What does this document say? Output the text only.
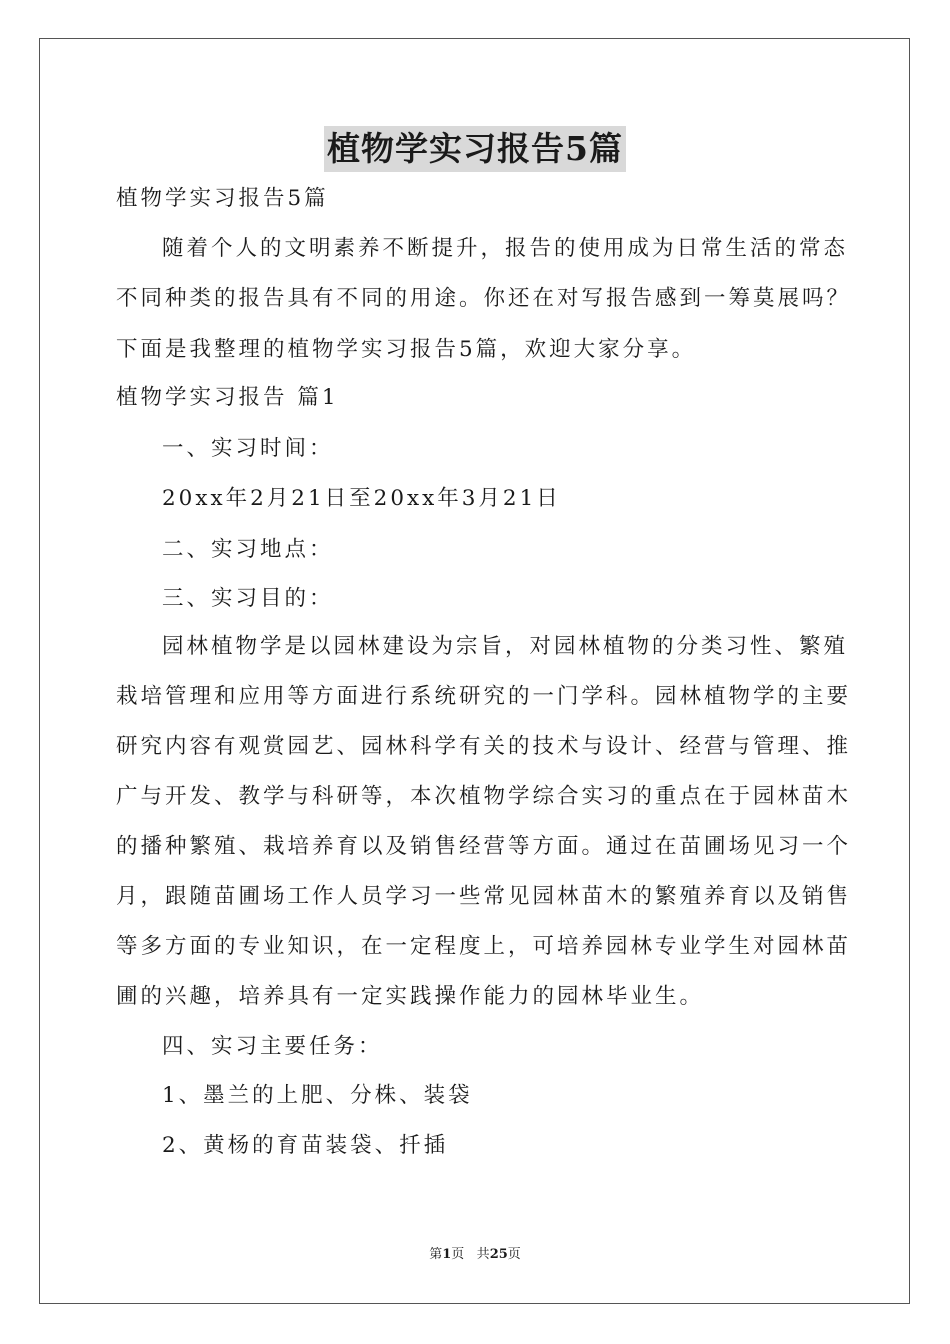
植物学实习报告5篇
植物学实习报告5篇
随着个人的文明素养不断提升，报告的使用成为日常生活的常态
不同种类的报告具有不同的用途。你还在对写报告感到一筹莫展吗？
下面是我整理的植物学实习报告5篇，欢迎大家分享。
植物学实习报告 篇1
一、实习时间：
20xx年2月21日至20xx年3月21日
二、实习地点：
三、实习目的：
园林植物学是以园林建设为宗旨，对园林植物的分类习性、繁殖
栽培管理和应用等方面进行系统研究的一门学科。园林植物学的主要
研究内容有观赏园艺、园林科学有关的技术与设计、经营与管理、推
广与开发、教学与科研等，本次植物学综合实习的重点在于园林苗木
的播种繁殖、栽培养育以及销售经营等方面。通过在苗圃场见习一个
月，跟随苗圃场工作人员学习一些常见园林苗木的繁殖养育以及销售
等多方面的专业知识，在一定程度上，可培养园林专业学生对园林苗
圃的兴趣，培养具有一定实践操作能力的园林毕业生。
四、实习主要任务：
1、墨兰的上肥、分株、装袋
2、黄杨的育苗装袋、扦插
第1页 共25页
